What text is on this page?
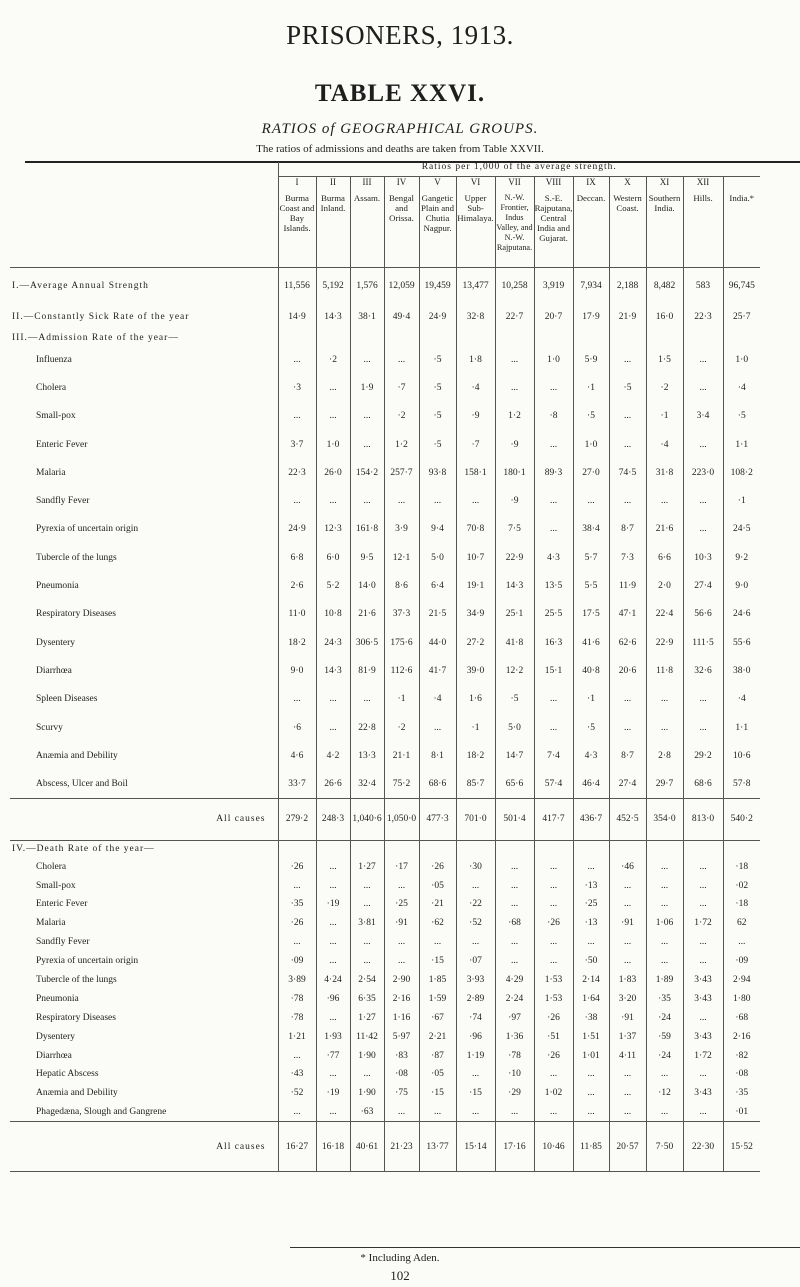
PRISONERS, 1913.
TABLE XXVI.
RATIOS of GEOGRAPHICAL GROUPS.
The ratios of admissions and deaths are taken from Table XXVII.
	Ratios per 1,000 of the average strength.												
	I	II	III	IV	V	VI	VII	VIII	IX	X	XI	XII	
	Burma Coast and Bay Islands.	Burma Inland.	Assam.	Bengal and Orissa.	Gangetic Plain and Chutia Nagpur.	Upper Sub-Himalaya.	N.-W. Frontier, Indus Valley, and N.-W. Rajputana.	S.-E. Rajputana, Central India and Gujarat.	Deccan.	Western Coast.	Southern India.	Hills.	India.*
I.—Average Annual Strength	11,556	5,192	1,576	12,059	19,459	13,477	10,258	3,919	7,934	2,188	8,482	583	96,745
II.—Constantly Sick Rate of the year	14·9	14·3	38·1	49·4	24·9	32·8	22·7	20·7	17·9	21·9	16·0	22·3	25·7
III.—Admission Rate of the year—													
Influenza	...	·2	...	...	·5	1·8	...	1·0	5·9	...	1·5	...	1·0
Cholera	·3	...	1·9	·7	·5	·4	...	...	·1	·5	·2	...	·4
Small-pox	...	...	...	·2	·5	·9	1·2	·8	·5	...	·1	3·4	·5
Enteric Fever	3·7	1·0	...	1·2	·5	·7	·9	...	1·0	...	·4	...	1·1
Malaria	22·3	26·0	154·2	257·7	93·8	158·1	180·1	89·3	27·0	74·5	31·8	223·0	108·2
Sandfly Fever	...	...	...	...	...	...	·9	...	...	...	...	...	·1
Pyrexia of uncertain origin	24·9	12·3	161·8	3·9	9·4	70·8	7·5	...	38·4	8·7	21·6	...	24·5
Tubercle of the lungs	6·8	6·0	9·5	12·1	5·0	10·7	22·9	4·3	5·7	7·3	6·6	10·3	9·2
Pneumonia	2·6	5·2	14·0	8·6	6·4	19·1	14·3	13·5	5·5	11·9	2·0	27·4	9·0
Respiratory Diseases	11·0	10·8	21·6	37·3	21·5	34·9	25·1	25·5	17·5	47·1	22·4	56·6	24·6
Dysentery	18·2	24·3	306·5	175·6	44·0	27·2	41·8	16·3	41·6	62·6	22·9	111·5	55·6
Diarrhœa	9·0	14·3	81·9	112·6	41·7	39·0	12·2	15·1	40·8	20·6	11·8	32·6	38·0
Spleen Diseases	...	...	...	·1	·4	1·6	·5	...	·1	...	...	...	·4
Scurvy	·6	...	22·8	·2	...	·1	5·0	...	·5	...	...	...	1·1
Anæmia and Debility	4·6	4·2	13·3	21·1	8·1	18·2	14·7	7·4	4·3	8·7	2·8	29·2	10·6
Abscess, Ulcer and Boil	33·7	26·6	32·4	75·2	68·6	85·7	65·6	57·4	46·4	27·4	29·7	68·6	57·8
All causes	279·2	248·3	1,040·6	1,050·0	477·3	701·0	501·4	417·7	436·7	452·5	354·0	813·0	540·2
IV.—Death Rate of the year—													
Cholera	·26	...	1·27	·17	·26	·30	...	...	...	·46	...	...	·18
Small-pox	...	...	...	...	·05	...	...	...	·13	...	...	...	·02
Enteric Fever	·35	·19	...	·25	·21	·22	...	...	·25	...	...	...	·18
Malaria	·26	...	3·81	·91	·62	·52	·68	·26	·13	·91	1·06	1·72	62
Sandfly Fever	...	...	...	...	...	...	...	...	...	...	...	...	...
Pyrexia of uncertain origin	·09	...	...	...	·15	·07	...	...	·50	...	...	...	·09
Tubercle of the lungs	3·89	4·24	2·54	2·90	1·85	3·93	4·29	1·53	2·14	1·83	1·89	3·43	2·94
Pneumonia	·78	·96	6·35	2·16	1·59	2·89	2·24	1·53	1·64	3·20	·35	3·43	1·80
Respiratory Diseases	·78	...	1·27	1·16	·67	·74	·97	·26	·38	·91	·24	...	·68
Dysentery	1·21	1·93	11·42	5·97	2·21	·96	1·36	·51	1·51	1·37	·59	3·43	2·16
Diarrhœa	...	·77	1·90	·83	·87	1·19	·78	·26	1·01	4·11	·24	1·72	·82
Hepatic Abscess	·43	...	...	·08	·05	...	·10	...	...	...	...	...	·08
Anæmia and Debility	·52	·19	1·90	·75	·15	·15	·29	1·02	...	...	·12	3·43	·35
Phagedæna, Slough and Gangrene	...	...	·63	...	...	...	...	...	...	...	...	...	·01
All causes	16·27	16·18	40·61	21·23	13·77	15·14	17·16	10·46	11·85	20·57	7·50	22·30	15·52
* Including Aden.
102
